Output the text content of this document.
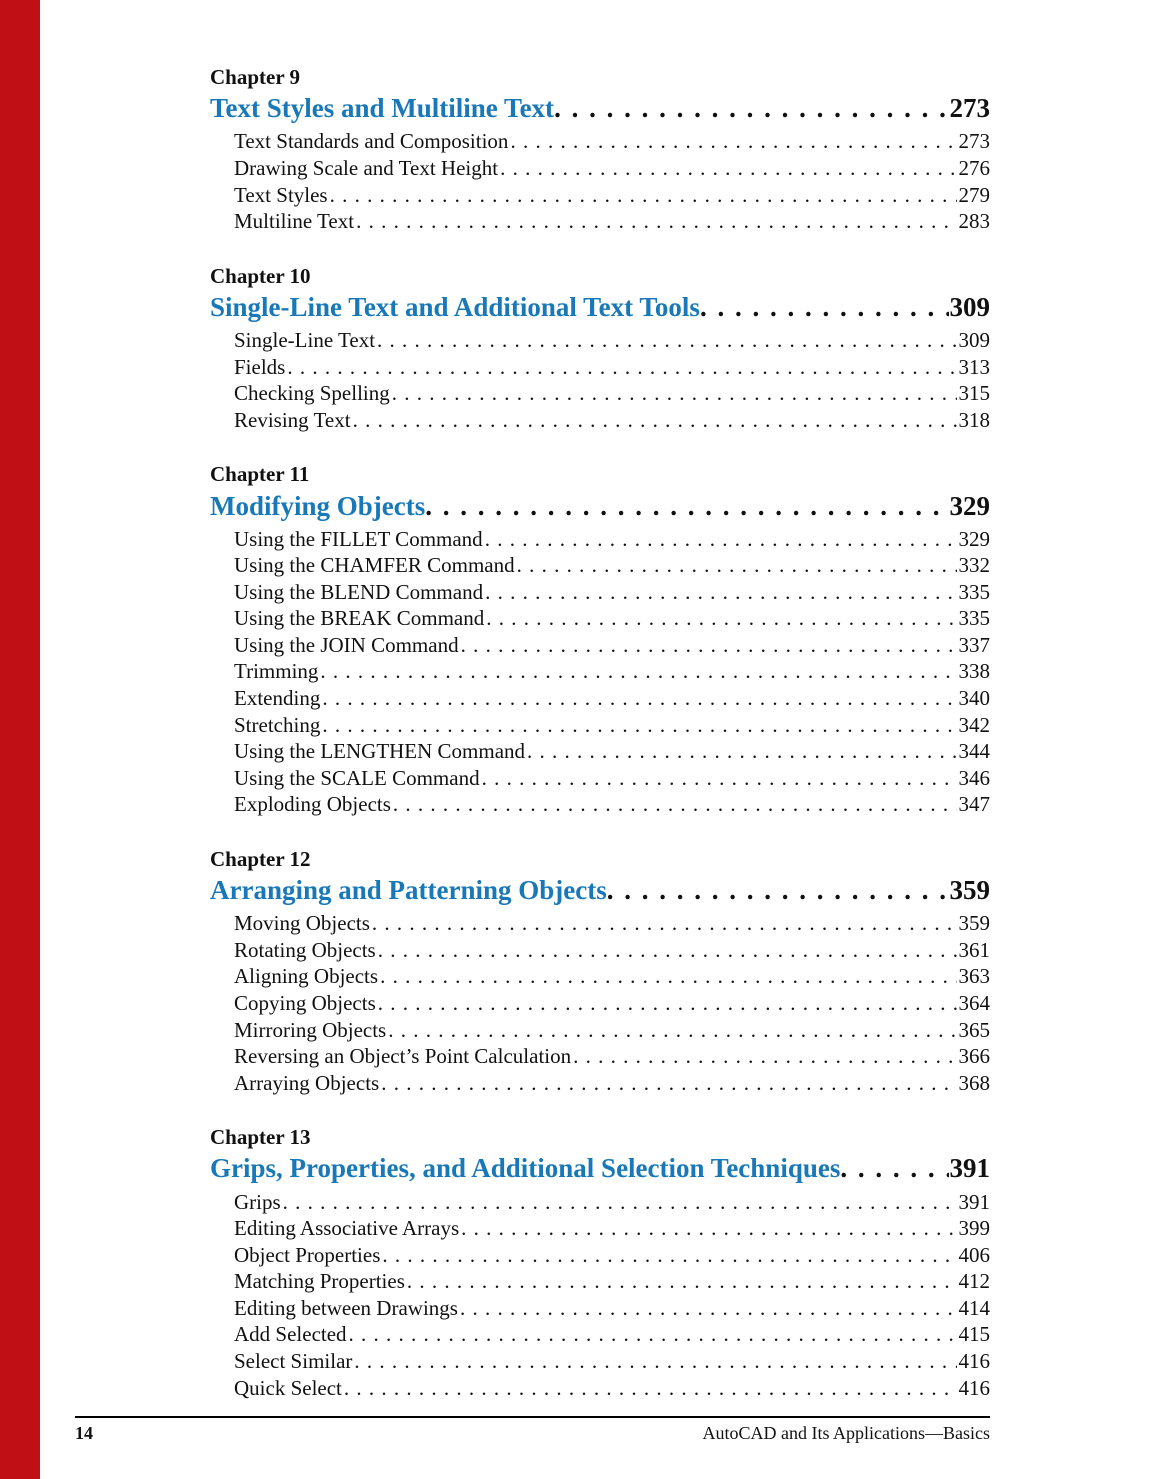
Chapter 9
Text Styles and Multiline Text . . .	273
Text Standards and Composition . . .	273
Drawing Scale and Text Height . . .	276
Text Styles . . .	279
Multiline Text . . .	283
Chapter 10
Single-Line Text and Additional Text Tools . . .	309
Single-Line Text . . .	309
Fields . . .	313
Checking Spelling . . .	315
Revising Text . . .	318
Chapter 11
Modifying Objects . . .	329
Using the FILLET Command . . .	329
Using the CHAMFER Command . . .	332
Using the BLEND Command . . .	335
Using the BREAK Command . . .	335
Using the JOIN Command . . .	337
Trimming . . .	338
Extending . . .	340
Stretching . . .	342
Using the LENGTHEN Command . . .	344
Using the SCALE Command . . .	346
Exploding Objects . . .	347
Chapter 12
Arranging and Patterning Objects . . .	359
Moving Objects . . .	359
Rotating Objects . . .	361
Aligning Objects . . .	363
Copying Objects . . .	364
Mirroring Objects . . .	365
Reversing an Object’s Point Calculation . . .	366
Arraying Objects . . .	368
Chapter 13
Grips, Properties, and Additional Selection Techniques . . .	391
Grips . . .	391
Editing Associative Arrays . . .	399
Object Properties . . .	406
Matching Properties . . .	412
Editing between Drawings . . .	414
Add Selected . . .	415
Select Similar . . .	416
Quick Select . . .	416
14	AutoCAD and Its Applications—Basics
